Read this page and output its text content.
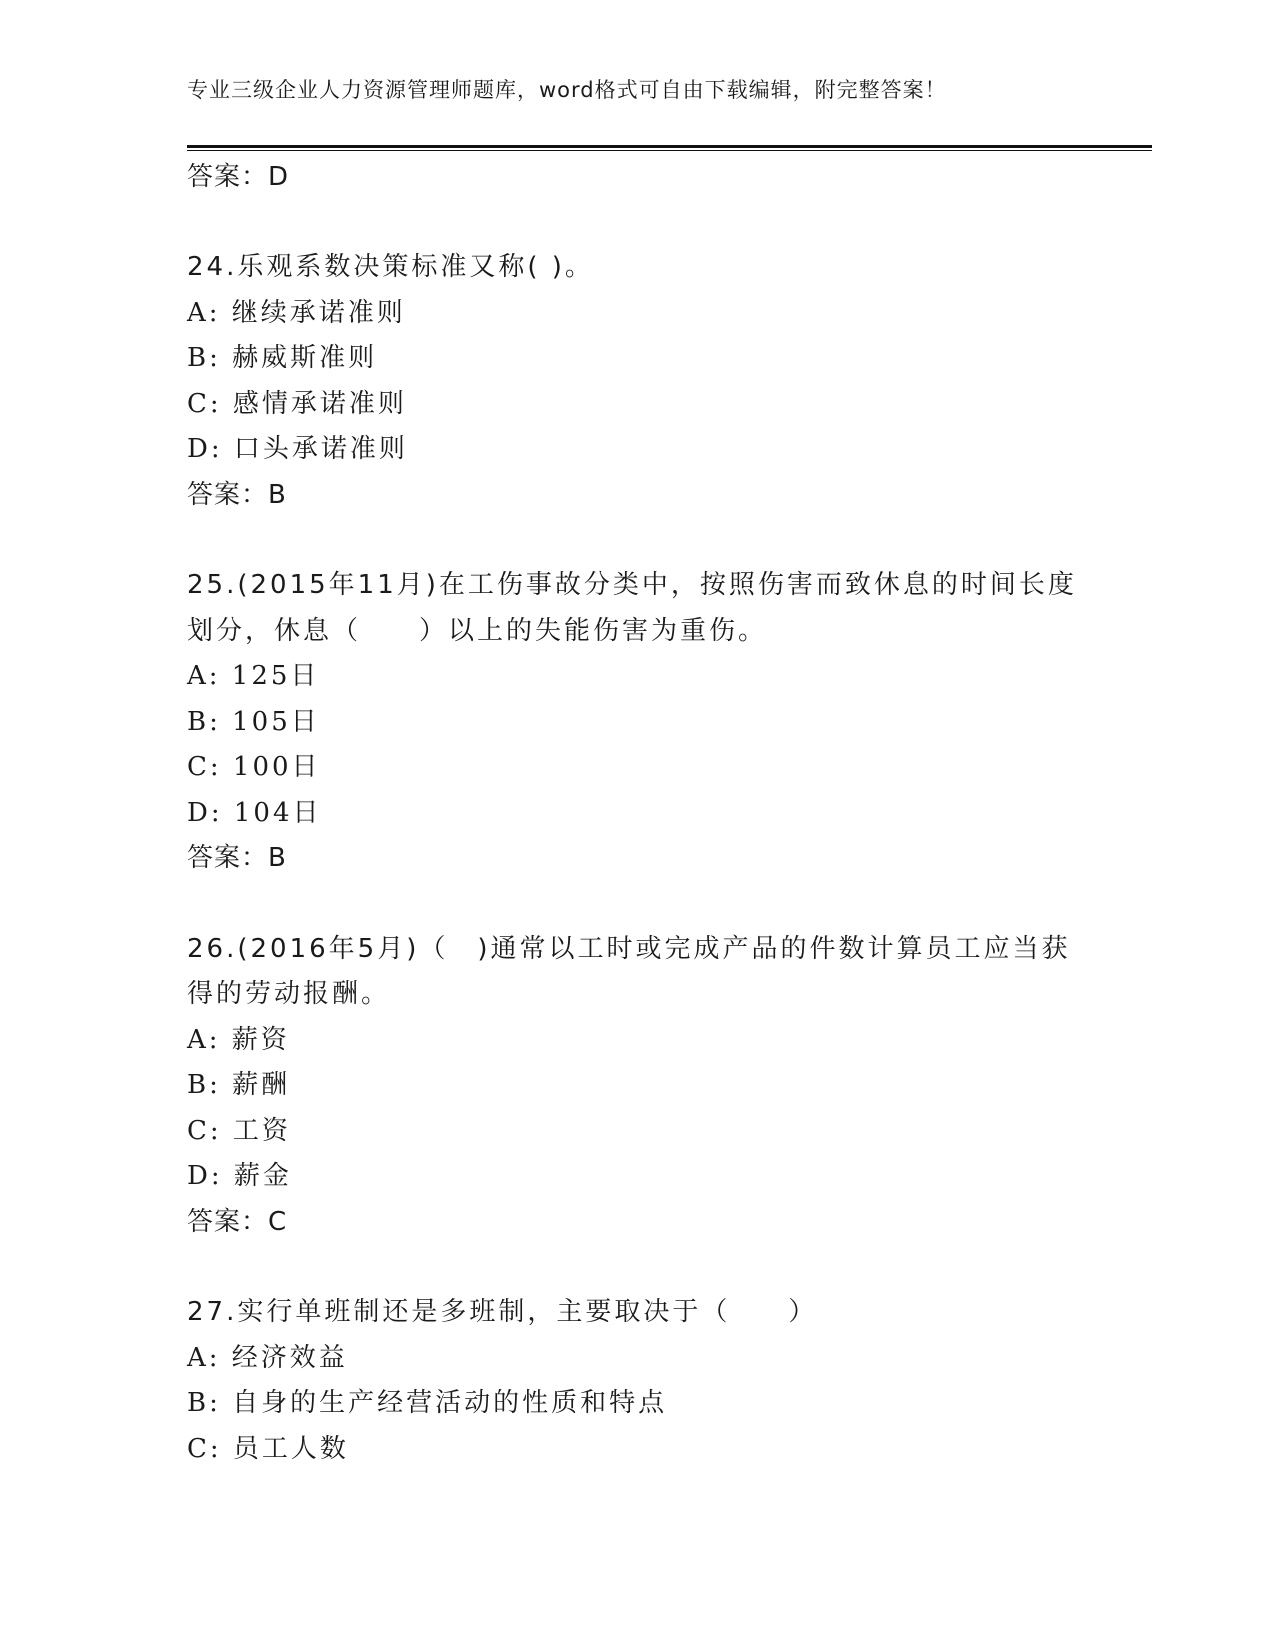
专业三级企业人力资源管理师题库，word格式可自由下载编辑，附完整答案！
答案：D
24.乐观系数决策标准又称( )。
A: 继续承诺准则
B: 赫威斯准则
C: 感情承诺准则
D: 口头承诺准则
答案：B
25.(2015年11月)在工伤事故分类中，按照伤害而致休息的时间长度
划分，休息（　　）以上的失能伤害为重伤。
A: 125日
B: 105日
C: 100日
D: 104日
答案：B
26.(2016年5月)（　)通常以工时或完成产品的件数计算员工应当获
得的劳动报酬。
A: 薪资
B: 薪酬
C: 工资
D: 薪金
答案：C
27.实行单班制还是多班制，主要取决于（　　）
A: 经济效益
B: 自身的生产经营活动的性质和特点
C: 员工人数
